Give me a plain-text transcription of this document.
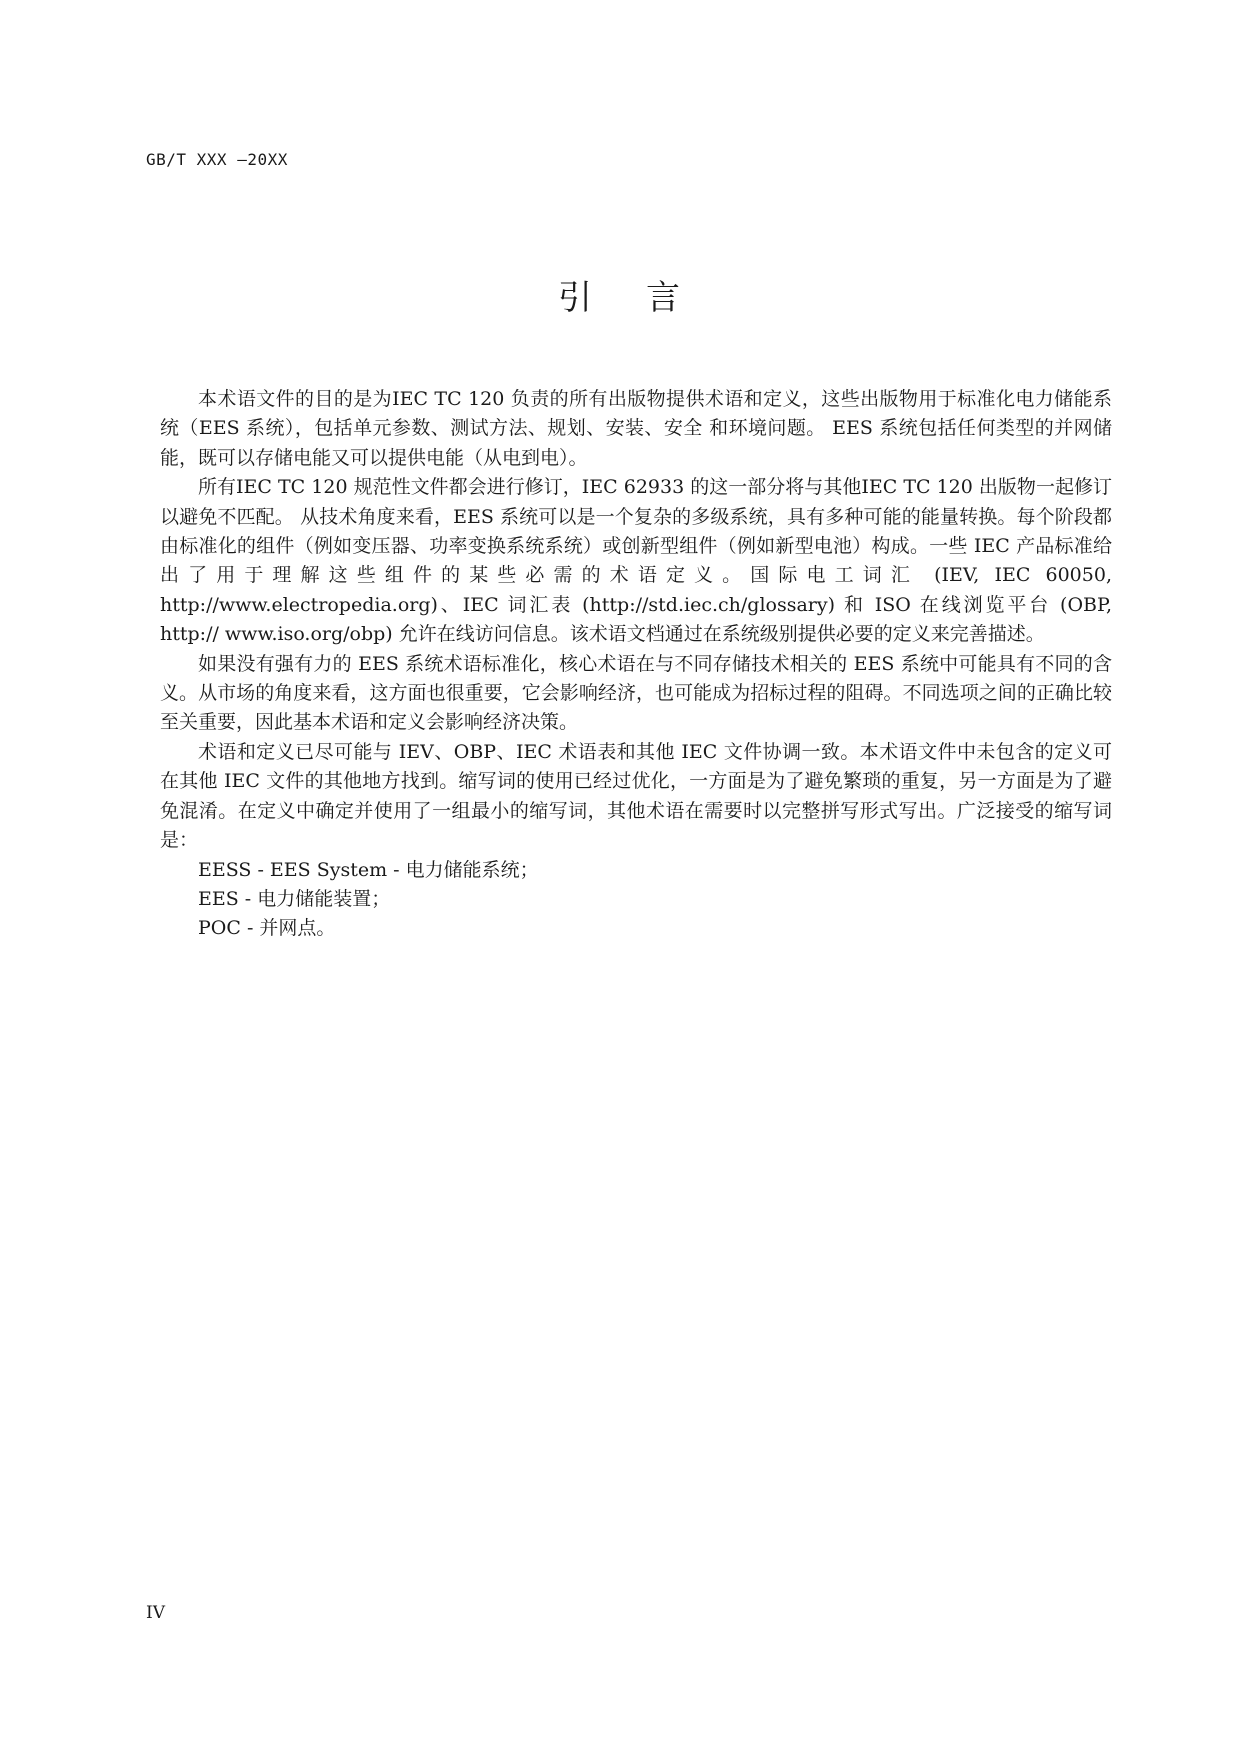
GB/T XXX —20XX
引 言

本术语文件的目的是为IEC TC 120 负责的所有出版物提供术语和定义，这些出版物用于标准化电力储能系统（EES 系统），包括单元参数、测试方法、规划、安装、安全 和环境问题。 EES 系统包括任何类型的并网储能，既可以存储电能又可以提供电能（从电到电）。

所有IEC TC 120 规范性文件都会进行修订，IEC 62933 的这一部分将与其他IEC TC 120 出版物一起修订以避免不匹配。 从技术角度来看，EES 系统可以是一个复杂的多级系统，具有多种可能的能量转换。每个阶段都由标准化的组件（例如变压器、功率变换系统系统）或创新型组件（例如新型电池）构成。一些 IEC 产品标准给出了用于理解这些组件的某些必需的术语定义。国际电工词汇 (IEV, IEC 60050, http://www.electropedia.org)、IEC 词汇表 (http://std.iec.ch/glossary) 和 ISO 在线浏览平台 (OBP, http:// www.iso.org/obp) 允许在线访问信息。该术语文档通过在系统级别提供必要的定义来完善描述。

如果没有强有力的 EES 系统术语标准化，核心术语在与不同存储技术相关的 EES 系统中可能具有不同的含义。从市场的角度来看，这方面也很重要，它会影响经济，也可能成为招标过程的阻碍。不同选项之间的正确比较至关重要，因此基本术语和定义会影响经济决策。

术语和定义已尽可能与 IEV、OBP、IEC 术语表和其他 IEC 文件协调一致。本术语文件中未包含的定义可在其他 IEC 文件的其他地方找到。缩写词的使用已经过优化，一方面是为了避免繁琐的重复，另一方面是为了避免混淆。在定义中确定并使用了一组最小的缩写词，其他术语在需要时以完整拼写形式写出。广泛接受的缩写词是：

EESS - EES System - 电力储能系统；
EES - 电力储能装置；
POC - 并网点。
IV
